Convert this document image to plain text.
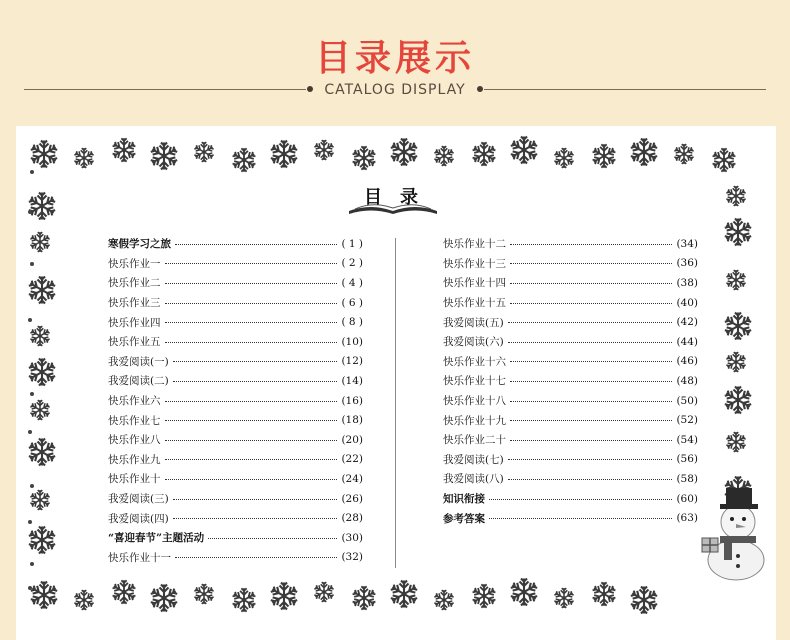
目录展示
CATALOG DISPLAY
目录
寒假学习之旅	( 1 )
快乐作业一	( 2 )
快乐作业二	( 4 )
快乐作业三	( 6 )
快乐作业四	( 8 )
快乐作业五	(10)
我爱阅读(一)	(12)
我爱阅读(二)	(14)
快乐作业六	(16)
快乐作业七	(18)
快乐作业八	(20)
快乐作业九	(22)
快乐作业十	(24)
我爱阅读(三)	(26)
我爱阅读(四)	(28)
“喜迎春节”主题活动	(30)
快乐作业十一	(32)
快乐作业十二	(34)
快乐作业十三	(36)
快乐作业十四	(38)
快乐作业十五	(40)
我爱阅读(五)	(42)
我爱阅读(六)	(44)
快乐作业十六	(46)
快乐作业十七	(48)
快乐作业十八	(50)
快乐作业十九	(52)
快乐作业二十	(54)
我爱阅读(七)	(56)
我爱阅读(八)	(58)
知识衔接	(60)
参考答案	(63)
